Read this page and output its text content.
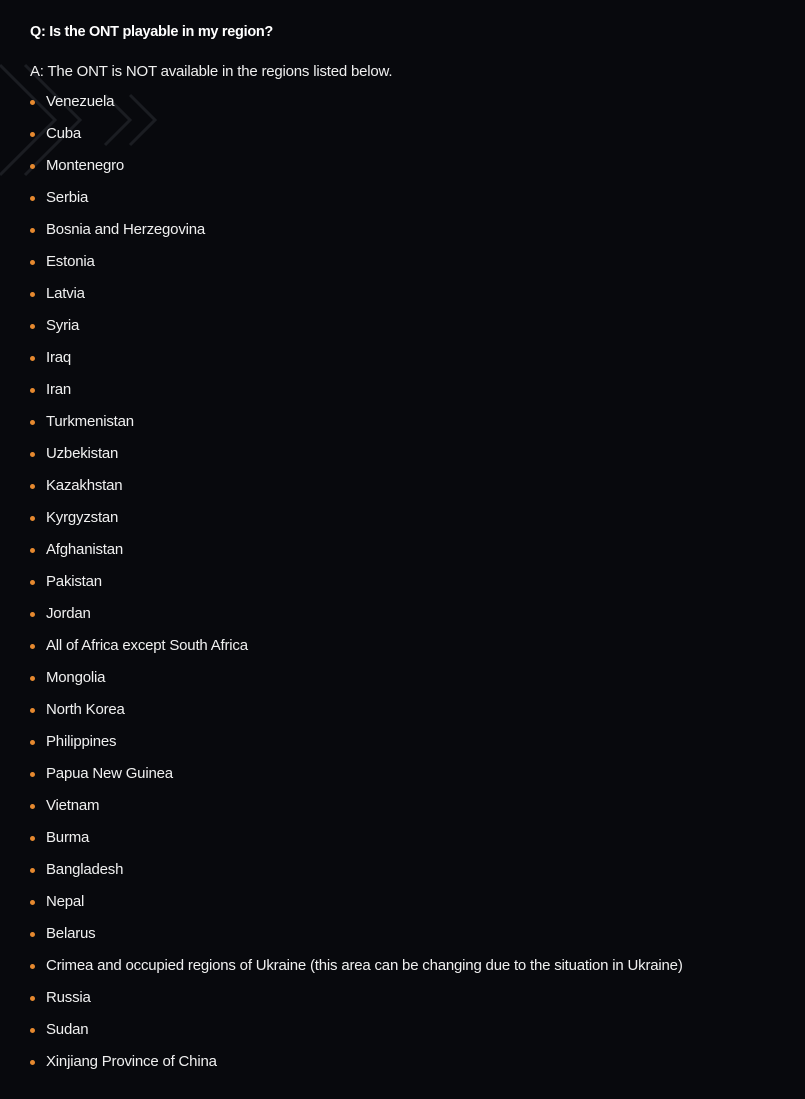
Q: Is the ONT playable in my region?

A: The ONT is NOT available in the regions listed below.

Venezuela
Cuba
Montenegro
Serbia
Bosnia and Herzegovina
Estonia
Latvia
Syria
Iraq
Iran
Turkmenistan
Uzbekistan
Kazakhstan
Kyrgyzstan
Afghanistan
Pakistan
Jordan
All of Africa except South Africa
Mongolia
North Korea
Philippines
Papua New Guinea
Vietnam
Burma
Bangladesh
Nepal
Belarus
Crimea and occupied regions of Ukraine (this area can be changing due to the situation in Ukraine)
Russia
Sudan
Xinjiang Province of China
